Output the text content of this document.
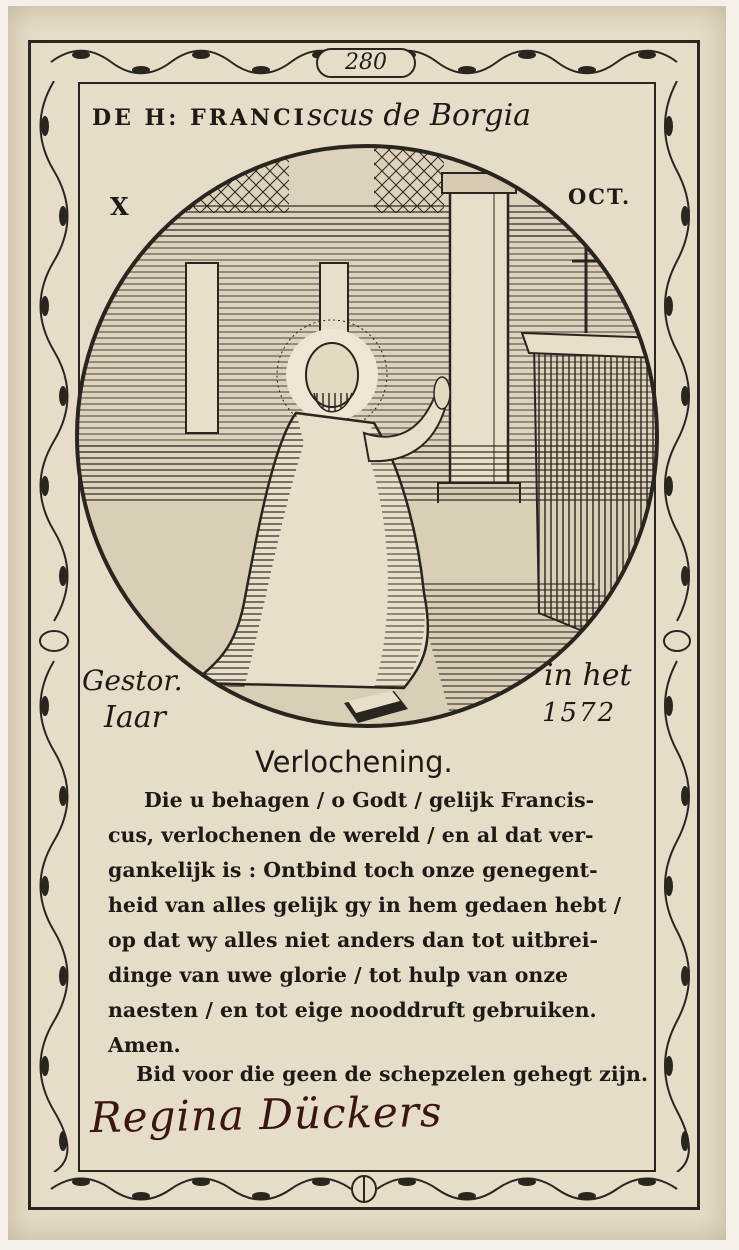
280
DE H: FRANCIscus de Borgia
X	OCT.
Gestor.
Iaar
in het
1572
Verlochening.
Die u behagen / o Godt / gelijk Francis-
cus, verlochenen de wereld / en al dat ver-
gankelijk is : Ontbind toch onze genegent-
heid van alles gelijk gy in hem gedaen hebt /
op dat wy alles niet anders dan tot uitbrei-
dinge van uwe glorie / tot hulp van onze
naesten / en tot eige nooddruft gebruiken.
Amen.
Bid voor die geen de schepzelen gehegt zijn.
Regina Dückers
